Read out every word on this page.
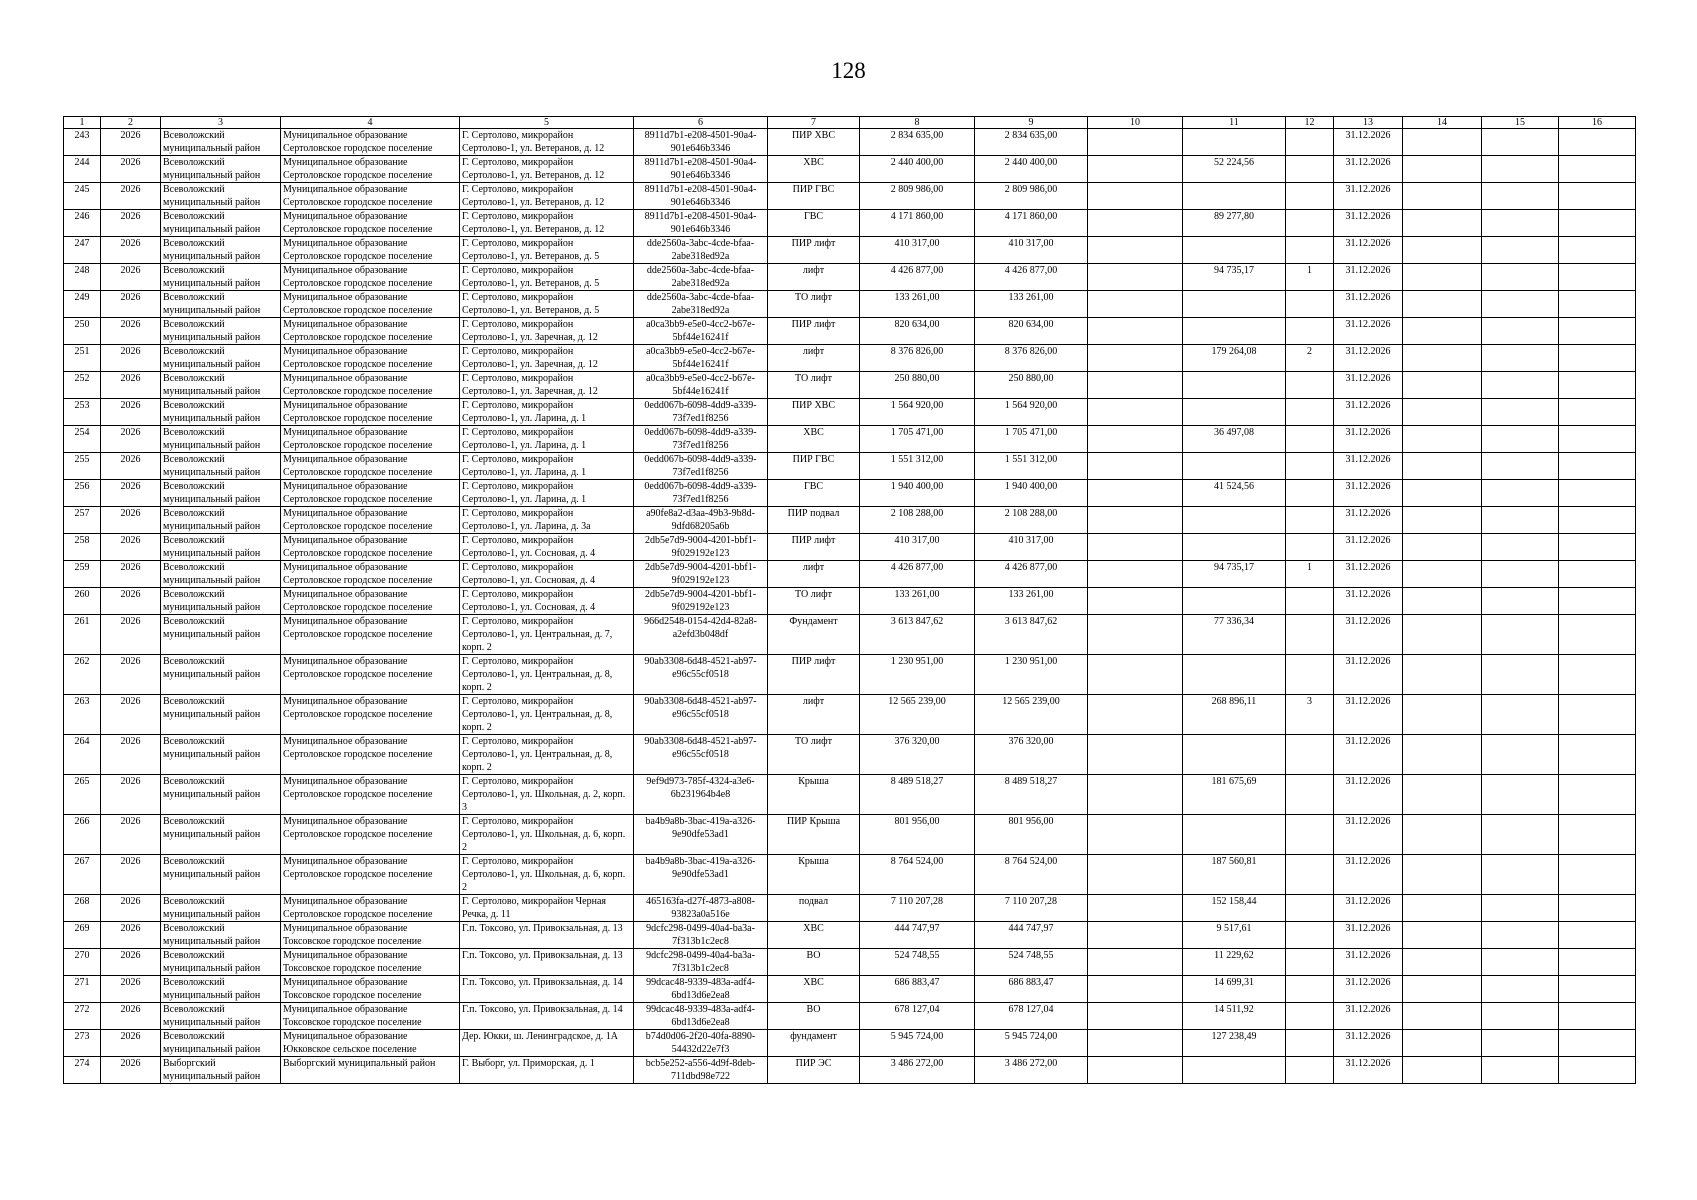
128
1	2	3	4	5	6	7	8	9	10	11	12	13	14	15	16
243	2026	Всеволожский муниципальный район	Муниципальное образование Сертоловское городское поселение	Г. Сертолово, микрорайон Сертолово-1, ул. Ветеранов, д. 12	8911d7b1-e208-4501-90a4-901e646b3346	ПИР ХВС	2 834 635,00	2 834 635,00				31.12.2026			
244	2026	Всеволожский муниципальный район	Муниципальное образование Сертоловское городское поселение	Г. Сертолово, микрорайон Сертолово-1, ул. Ветеранов, д. 12	8911d7b1-e208-4501-90a4-901e646b3346	ХВС	2 440 400,00	2 440 400,00		52 224,56		31.12.2026			
245	2026	Всеволожский муниципальный район	Муниципальное образование Сертоловское городское поселение	Г. Сертолово, микрорайон Сертолово-1, ул. Ветеранов, д. 12	8911d7b1-e208-4501-90a4-901e646b3346	ПИР ГВС	2 809 986,00	2 809 986,00				31.12.2026			
246	2026	Всеволожский муниципальный район	Муниципальное образование Сертоловское городское поселение	Г. Сертолово, микрорайон Сертолово-1, ул. Ветеранов, д. 12	8911d7b1-e208-4501-90a4-901e646b3346	ГВС	4 171 860,00	4 171 860,00		89 277,80		31.12.2026			
247	2026	Всеволожский муниципальный район	Муниципальное образование Сертоловское городское поселение	Г. Сертолово, микрорайон Сертолово-1, ул. Ветеранов, д. 5	dde2560a-3abc-4cde-bfaa-2abe318ed92a	ПИР лифт	410 317,00	410 317,00				31.12.2026			
248	2026	Всеволожский муниципальный район	Муниципальное образование Сертоловское городское поселение	Г. Сертолово, микрорайон Сертолово-1, ул. Ветеранов, д. 5	dde2560a-3abc-4cde-bfaa-2abe318ed92a	лифт	4 426 877,00	4 426 877,00		94 735,17	1	31.12.2026			
249	2026	Всеволожский муниципальный район	Муниципальное образование Сертоловское городское поселение	Г. Сертолово, микрорайон Сертолово-1, ул. Ветеранов, д. 5	dde2560a-3abc-4cde-bfaa-2abe318ed92a	ТО лифт	133 261,00	133 261,00				31.12.2026			
250	2026	Всеволожский муниципальный район	Муниципальное образование Сертоловское городское поселение	Г. Сертолово, микрорайон Сертолово-1, ул. Заречная, д. 12	a0ca3bb9-e5e0-4cc2-b67e-5bf44e16241f	ПИР лифт	820 634,00	820 634,00				31.12.2026			
251	2026	Всеволожский муниципальный район	Муниципальное образование Сертоловское городское поселение	Г. Сертолово, микрорайон Сертолово-1, ул. Заречная, д. 12	a0ca3bb9-e5e0-4cc2-b67e-5bf44e16241f	лифт	8 376 826,00	8 376 826,00		179 264,08	2	31.12.2026			
252	2026	Всеволожский муниципальный район	Муниципальное образование Сертоловское городское поселение	Г. Сертолово, микрорайон Сертолово-1, ул. Заречная, д. 12	a0ca3bb9-e5e0-4cc2-b67e-5bf44e16241f	ТО лифт	250 880,00	250 880,00				31.12.2026			
253	2026	Всеволожский муниципальный район	Муниципальное образование Сертоловское городское поселение	Г. Сертолово, микрорайон Сертолово-1, ул. Ларина, д. 1	0edd067b-6098-4dd9-a339-73f7ed1f8256	ПИР ХВС	1 564 920,00	1 564 920,00				31.12.2026			
254	2026	Всеволожский муниципальный район	Муниципальное образование Сертоловское городское поселение	Г. Сертолово, микрорайон Сертолово-1, ул. Ларина, д. 1	0edd067b-6098-4dd9-a339-73f7ed1f8256	ХВС	1 705 471,00	1 705 471,00		36 497,08		31.12.2026			
255	2026	Всеволожский муниципальный район	Муниципальное образование Сертоловское городское поселение	Г. Сертолово, микрорайон Сертолово-1, ул. Ларина, д. 1	0edd067b-6098-4dd9-a339-73f7ed1f8256	ПИР ГВС	1 551 312,00	1 551 312,00				31.12.2026			
256	2026	Всеволожский муниципальный район	Муниципальное образование Сертоловское городское поселение	Г. Сертолово, микрорайон Сертолово-1, ул. Ларина, д. 1	0edd067b-6098-4dd9-a339-73f7ed1f8256	ГВС	1 940 400,00	1 940 400,00		41 524,56		31.12.2026			
257	2026	Всеволожский муниципальный район	Муниципальное образование Сертоловское городское поселение	Г. Сертолово, микрорайон Сертолово-1, ул. Ларина, д. 3а	a90fe8a2-d3aa-49b3-9b8d-9dfd68205a6b	ПИР подвал	2 108 288,00	2 108 288,00				31.12.2026			
258	2026	Всеволожский муниципальный район	Муниципальное образование Сертоловское городское поселение	Г. Сертолово, микрорайон Сертолово-1, ул. Сосновая, д. 4	2db5e7d9-9004-4201-bbf1-9f029192e123	ПИР лифт	410 317,00	410 317,00				31.12.2026			
259	2026	Всеволожский муниципальный район	Муниципальное образование Сертоловское городское поселение	Г. Сертолово, микрорайон Сертолово-1, ул. Сосновая, д. 4	2db5e7d9-9004-4201-bbf1-9f029192e123	лифт	4 426 877,00	4 426 877,00		94 735,17	1	31.12.2026			
260	2026	Всеволожский муниципальный район	Муниципальное образование Сертоловское городское поселение	Г. Сертолово, микрорайон Сертолово-1, ул. Сосновая, д. 4	2db5e7d9-9004-4201-bbf1-9f029192e123	ТО лифт	133 261,00	133 261,00				31.12.2026			
261	2026	Всеволожский муниципальный район	Муниципальное образование Сертоловское городское поселение	Г. Сертолово, микрорайон Сертолово-1, ул. Центральная, д. 7, корп. 2	966d2548-0154-42d4-82a8-a2efd3b048df	Фундамент	3 613 847,62	3 613 847,62		77 336,34		31.12.2026			
262	2026	Всеволожский муниципальный район	Муниципальное образование Сертоловское городское поселение	Г. Сертолово, микрорайон Сертолово-1, ул. Центральная, д. 8, корп. 2	90ab3308-6d48-4521-ab97-e96c55cf0518	ПИР лифт	1 230 951,00	1 230 951,00				31.12.2026			
263	2026	Всеволожский муниципальный район	Муниципальное образование Сертоловское городское поселение	Г. Сертолово, микрорайон Сертолово-1, ул. Центральная, д. 8, корп. 2	90ab3308-6d48-4521-ab97-e96c55cf0518	лифт	12 565 239,00	12 565 239,00		268 896,11	3	31.12.2026			
264	2026	Всеволожский муниципальный район	Муниципальное образование Сертоловское городское поселение	Г. Сертолово, микрорайон Сертолово-1, ул. Центральная, д. 8, корп. 2	90ab3308-6d48-4521-ab97-e96c55cf0518	ТО лифт	376 320,00	376 320,00				31.12.2026			
265	2026	Всеволожский муниципальный район	Муниципальное образование Сертоловское городское поселение	Г. Сертолово, микрорайон Сертолово-1, ул. Школьная, д. 2, корп. 3	9ef9d973-785f-4324-a3e6-6b231964b4e8	Крыша	8 489 518,27	8 489 518,27		181 675,69		31.12.2026			
266	2026	Всеволожский муниципальный район	Муниципальное образование Сертоловское городское поселение	Г. Сертолово, микрорайон Сертолово-1, ул. Школьная, д. 6, корп. 2	ba4b9a8b-3bac-419a-a326-9e90dfe53ad1	ПИР Крыша	801 956,00	801 956,00				31.12.2026			
267	2026	Всеволожский муниципальный район	Муниципальное образование Сертоловское городское поселение	Г. Сертолово, микрорайон Сертолово-1, ул. Школьная, д. 6, корп. 2	ba4b9a8b-3bac-419a-a326-9e90dfe53ad1	Крыша	8 764 524,00	8 764 524,00		187 560,81		31.12.2026			
268	2026	Всеволожский муниципальный район	Муниципальное образование Сертоловское городское поселение	Г. Сертолово, микрорайон Черная Речка, д. 11	465163fa-d27f-4873-a808-93823a0a516e	подвал	7 110 207,28	7 110 207,28		152 158,44		31.12.2026			
269	2026	Всеволожский муниципальный район	Муниципальное образование Токсовское городское поселение	Г.п. Токсово, ул. Привокзальная, д. 13	9dcfc298-0499-40a4-ba3a-7f313b1c2ec8	ХВС	444 747,97	444 747,97		9 517,61		31.12.2026			
270	2026	Всеволожский муниципальный район	Муниципальное образование Токсовское городское поселение	Г.п. Токсово, ул. Привокзальная, д. 13	9dcfc298-0499-40a4-ba3a-7f313b1c2ec8	ВО	524 748,55	524 748,55		11 229,62		31.12.2026			
271	2026	Всеволожский муниципальный район	Муниципальное образование Токсовское городское поселение	Г.п. Токсово, ул. Привокзальная, д. 14	99dcac48-9339-483a-adf4-6bd13d6e2ea8	ХВС	686 883,47	686 883,47		14 699,31		31.12.2026			
272	2026	Всеволожский муниципальный район	Муниципальное образование Токсовское городское поселение	Г.п. Токсово, ул. Привокзальная, д. 14	99dcac48-9339-483a-adf4-6bd13d6e2ea8	ВО	678 127,04	678 127,04		14 511,92		31.12.2026			
273	2026	Всеволожский муниципальный район	Муниципальное образование Юкковское сельское поселение	Дер. Юкки, ш. Ленинградское, д. 1А	b74d0d06-2f20-40fa-8890-54432d22e7f3	фундамент	5 945 724,00	5 945 724,00		127 238,49		31.12.2026			
274	2026	Выборгский муниципальный район	Выборгский муниципальный район	Г. Выборг, ул. Приморская, д. 1	bcb5e252-a556-4d9f-8deb-711dbd98e722	ПИР ЭС	3 486 272,00	3 486 272,00				31.12.2026			
